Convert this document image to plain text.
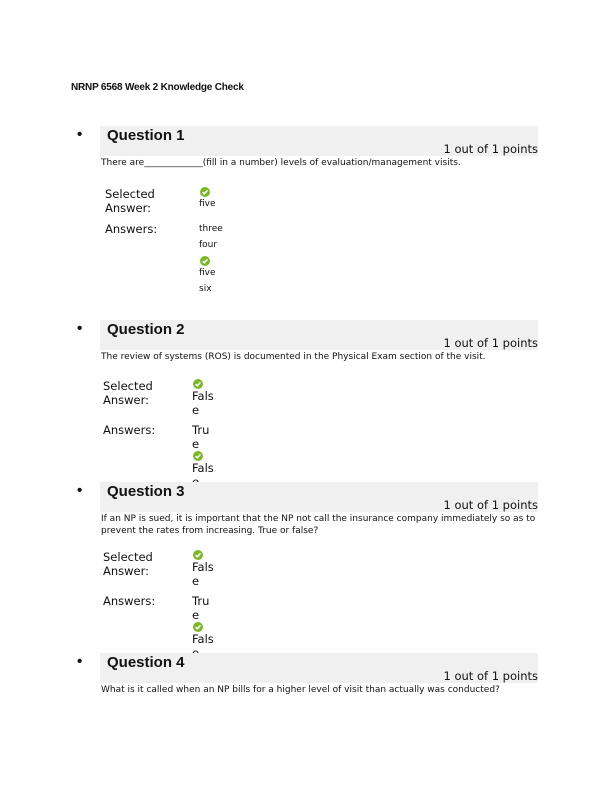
NRNP 6568 Week 2 Knowledge Check
• Question 1
1 out of 1 points
There are_____________(fill in a number) levels of evaluation/management visits.
Selected
Answer:	five
Answers:	three
four
five
six
• Question 2
1 out of 1 points
The review of systems (ROS) is documented in the Physical Exam section of the visit.
Selected
Answer:	False
Answers:	True
Fals
• Question 3
1 out of 1 points
If an NP is sued, it is important that the NP not call the insurance company immediately so as to prevent the rates from increasing. True or false?
Selected
Answer:	False
Answers:	True
Fals
• Question 4
1 out of 1 points
What is it called when an NP bills for a higher level of visit than actually was conducted?
